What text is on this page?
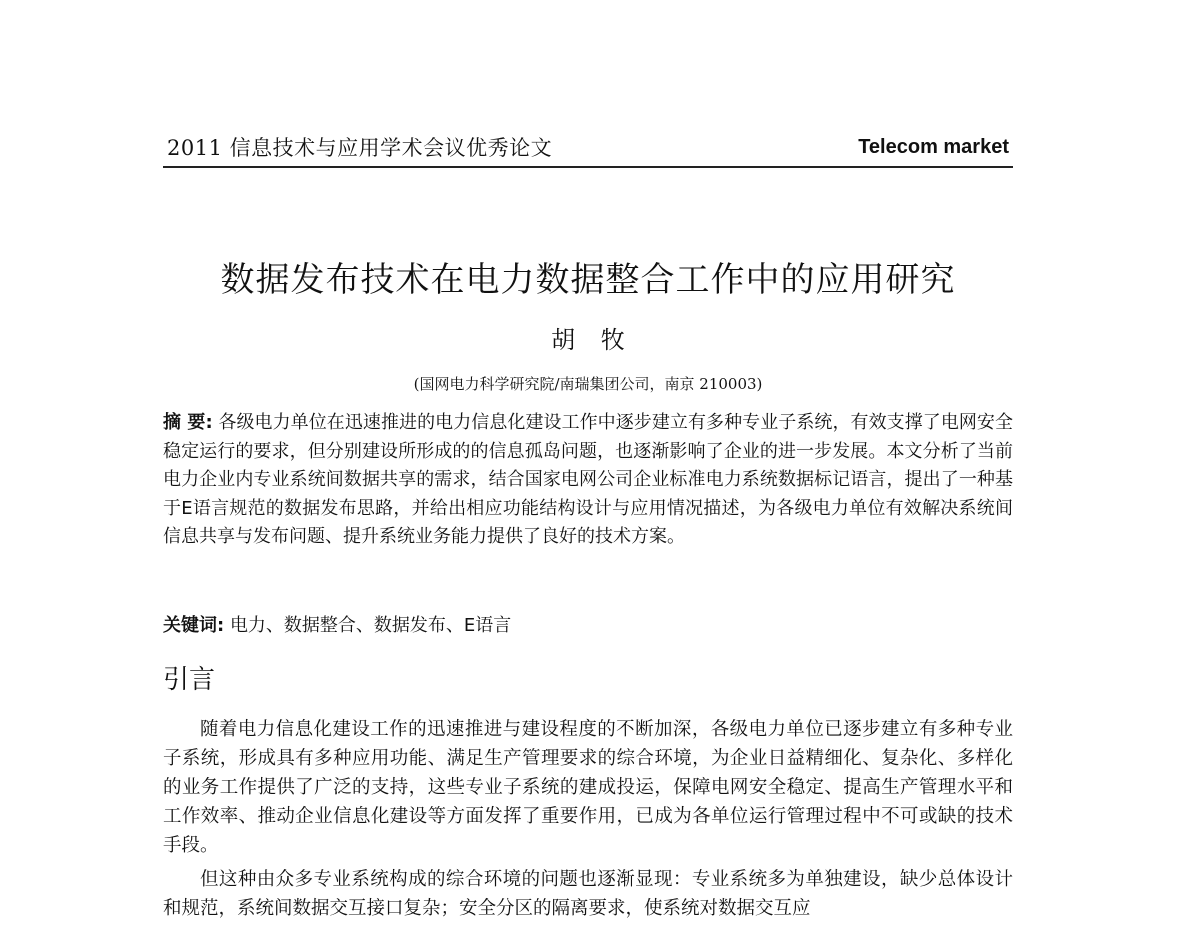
2011 信息技术与应用学术会议优秀论文	Telecom market
数据发布技术在电力数据整合工作中的应用研究
胡 牧
(国网电力科学研究院/南瑞集团公司，南京 210003)
摘 要: 各级电力单位在迅速推进的电力信息化建设工作中逐步建立有多种专业子系统，有效支撑了电网安全稳定运行的要求，但分别建设所形成的的信息孤岛问题，也逐渐影响了企业的进一步发展。本文分析了当前电力企业内专业系统间数据共享的需求，结合国家电网公司企业标准电力系统数据标记语言，提出了一种基于E语言规范的数据发布思路，并给出相应功能结构设计与应用情况描述，为各级电力单位有效解决系统间信息共享与发布问题、提升系统业务能力提供了良好的技术方案。
关键词: 电力、数据整合、数据发布、E语言
引言

随着电力信息化建设工作的迅速推进与建设程度的不断加深，各级电力单位已逐步建立有多种专业子系统，形成具有多种应用功能、满足生产管理要求的综合环境，为企业日益精细化、复杂化、多样化的业务工作提供了广泛的支持，这些专业子系统的建成投运，保障电网安全稳定、提高生产管理水平和工作效率、推动企业信息化建设等方面发挥了重要作用，已成为各单位运行管理过程中不可或缺的技术手段。

但这种由众多专业系统构成的综合环境的问题也逐渐显现：专业系统多为单独建设，缺少总体设计和规范，系统间数据交互接口复杂；安全分区的隔离要求，使系统对数据交互应
